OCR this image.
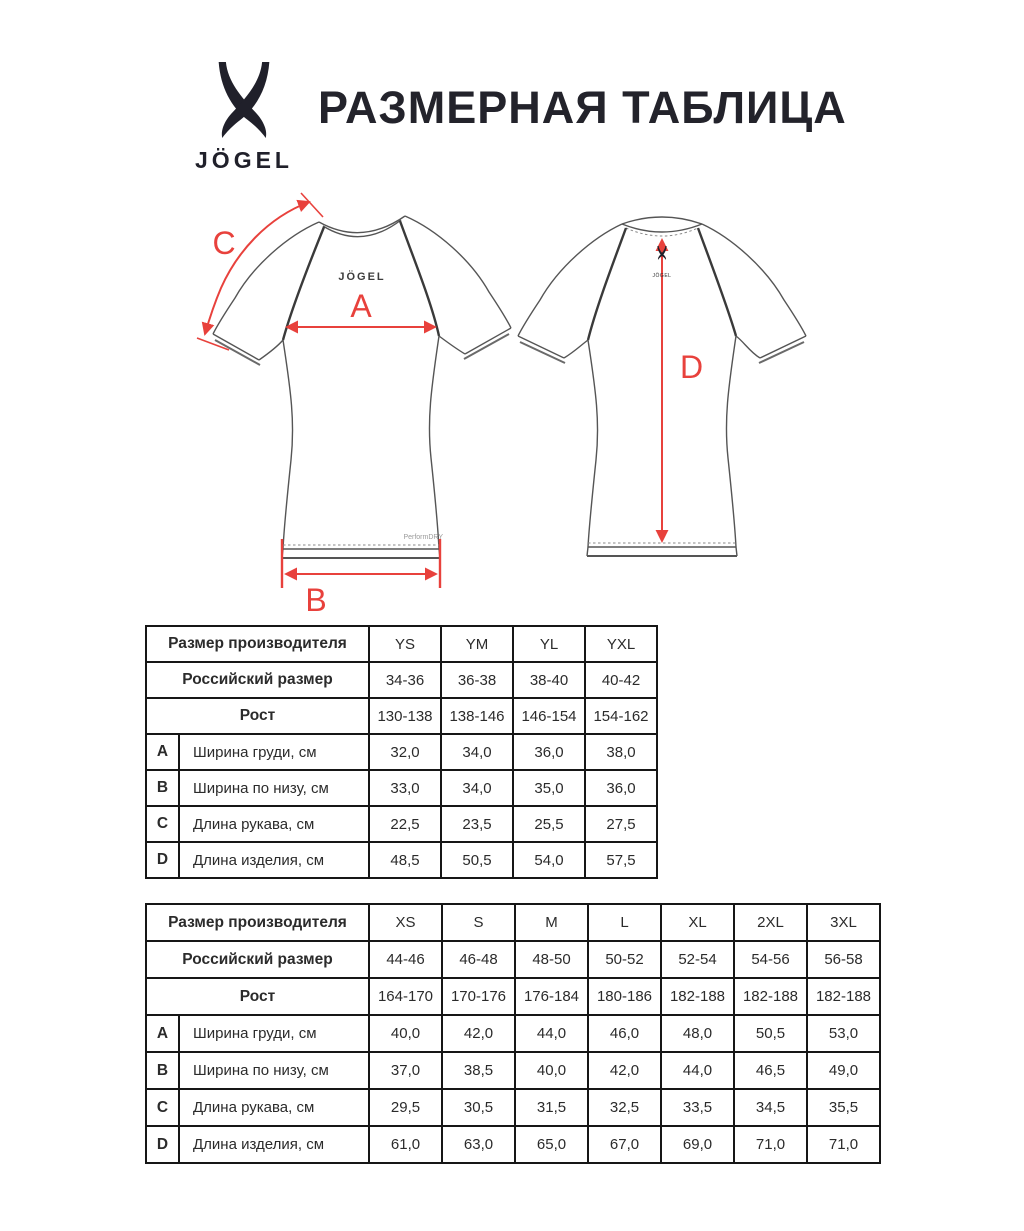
JÖGEL
РАЗМЕРНАЯ ТАБЛИЦА
JÖGEL
PerformDRY
A
C
B
D
JÖGEL
Размер производителя		YS	YM	YL	YXL
Российский размер		34-36	36-38	38-40	40-42
Рост		130-138	138-146	146-154	154-162
A	Ширина груди, см	32,0	34,0	36,0	38,0
B	Ширина по низу, см	33,0	34,0	35,0	36,0
C	Длина рукава, см	22,5	23,5	25,5	27,5
D	Длина изделия, см	48,5	50,5	54,0	57,5
Размер производителя		XS	S	M	L	XL	2XL	3XL
Российский размер		44-46	46-48	48-50	50-52	52-54	54-56	56-58
Рост		164-170	170-176	176-184	180-186	182-188	182-188	182-188
A	Ширина груди, см	40,0	42,0	44,0	46,0	48,0	50,5	53,0
B	Ширина по низу, см	37,0	38,5	40,0	42,0	44,0	46,5	49,0
C	Длина рукава, см	29,5	30,5	31,5	32,5	33,5	34,5	35,5
D	Длина изделия, см	61,0	63,0	65,0	67,0	69,0	71,0	71,0
